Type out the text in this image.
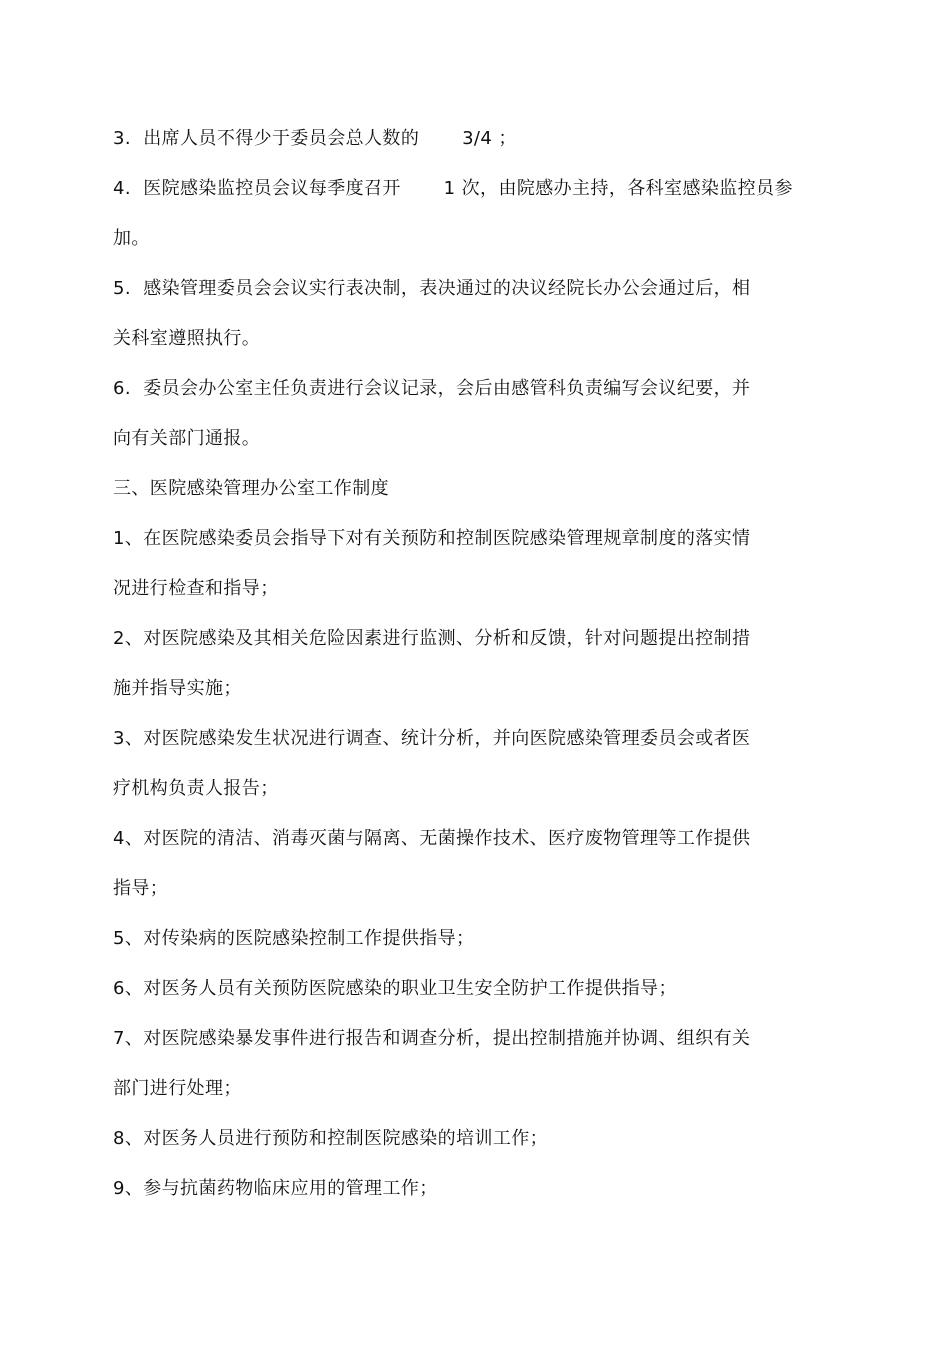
3.  出席人员不得少于委员会总人数的       3/4 ；
4.  医院感染监控员会议每季度召开       1 次，由院感办主持，各科室感染监控员参
加。
5.  感染管理委员会会议实行表决制，表决通过的决议经院长办公会通过后，相
关科室遵照执行。
6.  委员会办公室主任负责进行会议记录，会后由感管科负责编写会议纪要，并
向有关部门通报。
三、医院感染管理办公室工作制度
1、在医院感染委员会指导下对有关预防和控制医院感染管理规章制度的落实情
况进行检查和指导；
2、对医院感染及其相关危险因素进行监测、分析和反馈，针对问题提出控制措
施并指导实施；
3、对医院感染发生状况进行调查、统计分析，并向医院感染管理委员会或者医
疗机构负责人报告；
4、对医院的清洁、消毒灭菌与隔离、无菌操作技术、医疗废物管理等工作提供
指导；
5、对传染病的医院感染控制工作提供指导；
6、对医务人员有关预防医院感染的职业卫生安全防护工作提供指导；
7、对医院感染暴发事件进行报告和调查分析，提出控制措施并协调、组织有关
部门进行处理；
8、对医务人员进行预防和控制医院感染的培训工作；
9、参与抗菌药物临床应用的管理工作；
